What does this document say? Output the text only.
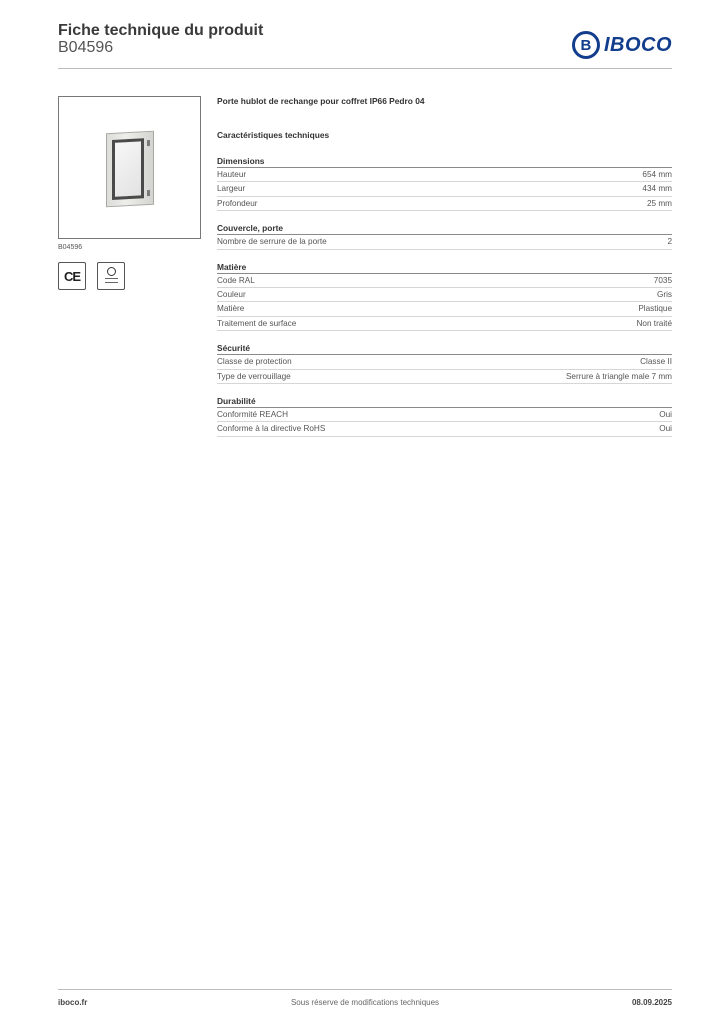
Fiche technique du produit
B04596	B IBOCO
B04596
CE
Porte hublot de rechange pour coffret IP66 Pedro 04
Caractéristiques techniques
Dimensions
Hauteur	654 mm
Largeur	434 mm
Profondeur	25 mm
Couvercle, porte
Nombre de serrure de la porte	2
Matière
Code RAL	7035
Couleur	Gris
Matière	Plastique
Traitement de surface	Non traité
Sécurité
Classe de protection	Classe II
Type de verrouillage	Serrure à triangle male 7 mm
Durabilité
Conformité REACH	Oui
Conforme à la directive RoHS	Oui
iboco.fr	Sous réserve de modifications techniques	08.09.2025
